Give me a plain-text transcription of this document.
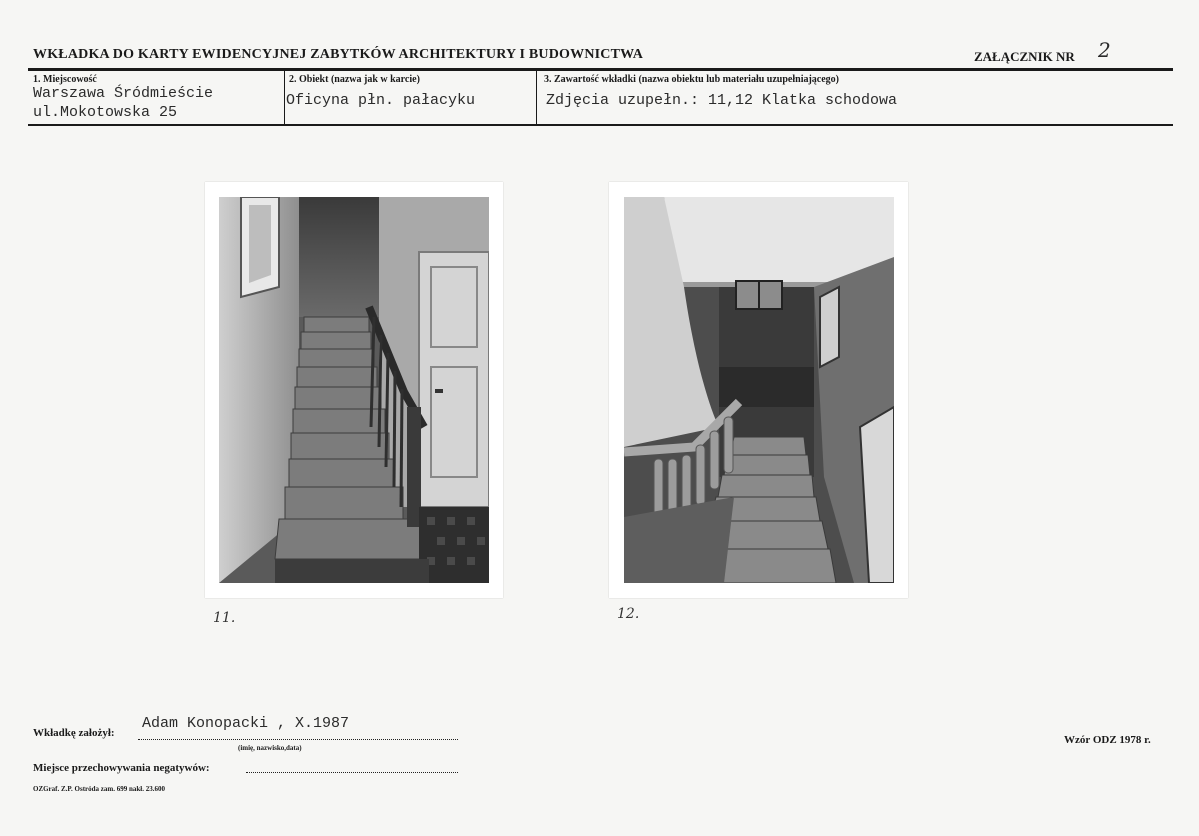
WKŁADKA DO KARTY EWIDENCYJNEJ ZABYTKÓW ARCHITEKTURY I BUDOWNICTWA	ZAŁĄCZNIK NR 2
1. Miejscowość
Warszawa Śródmieście
ul.Mokotowska 25
2. Obiekt (nazwa jak w karcie)
Oficyna płn. pałacyku
3. Zawartość wkładki (nazwa obiektu lub materiału uzupełniającego)
Zdjęcia uzupełn.: 11,12 Klatka schodowa
11.	12.
Wkładkę założył:
Adam Konopacki , X.1987
(imię, nazwisko,data)
Miejsce przechowywania negatywów:
Wzór ODZ 1978 r.
OZGraf. Z.P. Ostróda zam. 699 nakł. 23.600
